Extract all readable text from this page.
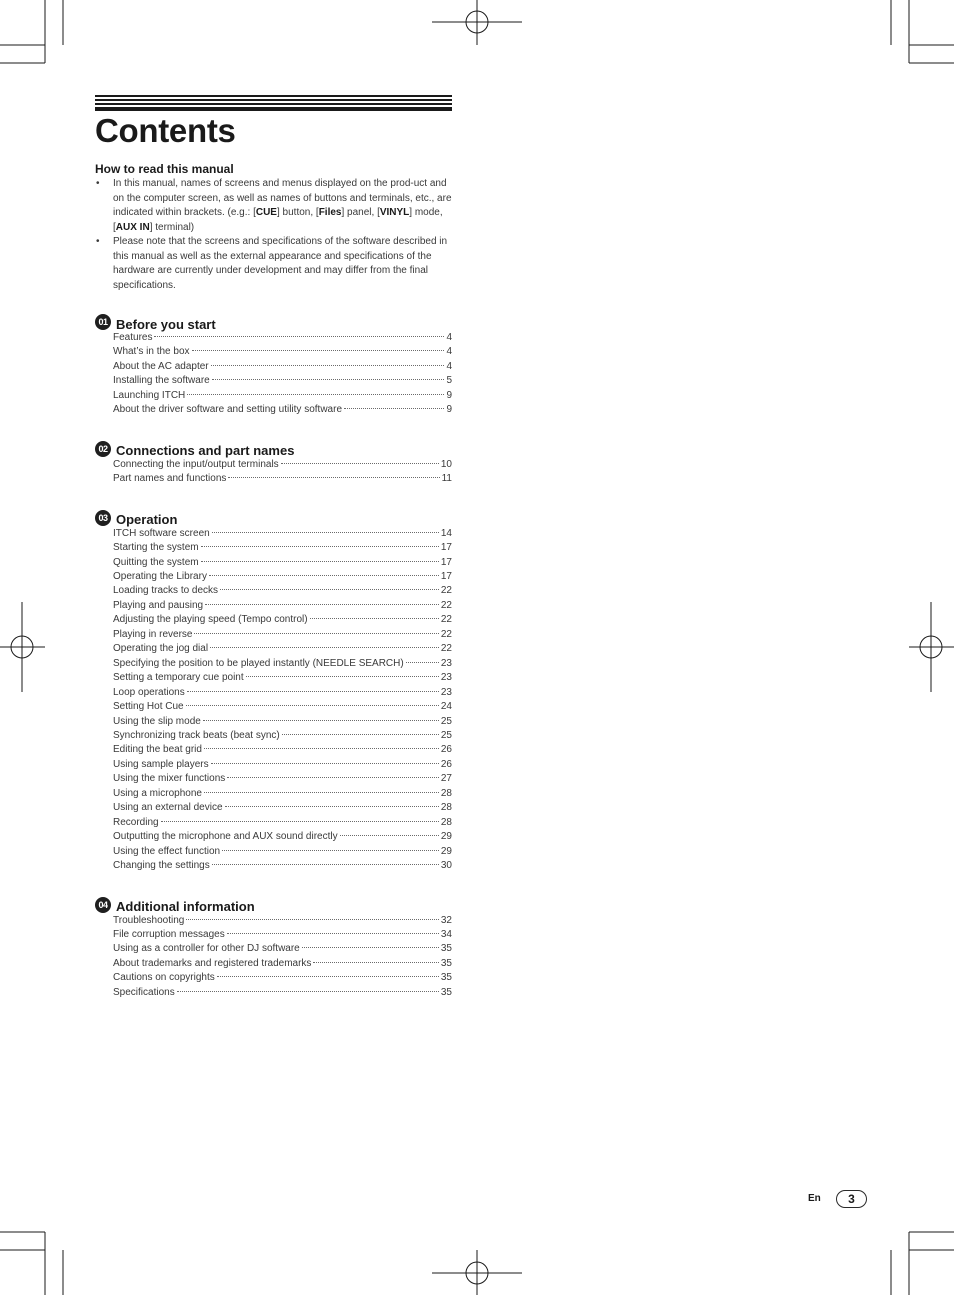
Contents

How to read this manual

• In this manual, names of screens and menus displayed on the prod-uct and on the computer screen, as well as names of buttons and terminals, etc., are indicated within brackets. (e.g.: [CUE] button, [Files] panel, [VINYL] mode, [AUX IN] terminal)
• Please note that the screens and specifications of the software described in this manual as well as the external appearance and specifications of the hardware are currently under development and may differ from the final specifications.
01 Before you start
Features	4
What’s in the box	4
About the AC adapter	4
Installing the software	5
Launching ITCH	9
About the driver software and setting utility software	9
02 Connections and part names
Connecting the input/output terminals	10
Part names and functions	11
03 Operation
ITCH software screen	14
Starting the system	17
Quitting the system	17
Operating the Library	17
Loading tracks to decks	22
Playing and pausing	22
Adjusting the playing speed (Tempo control)	22
Playing in reverse	22
Operating the jog dial	22
Specifying the position to be played instantly (NEEDLE SEARCH)	23
Setting a temporary cue point	23
Loop operations	23
Setting Hot Cue	24
Using the slip mode	25
Synchronizing track beats (beat sync)	25
Editing the beat grid	26
Using sample players	26
Using the mixer functions	27
Using a microphone	28
Using an external device	28
Recording	28
Outputting the microphone and AUX sound directly	29
Using the effect function	29
Changing the settings	30
04 Additional information
Troubleshooting	32
File corruption messages	34
Using as a controller for other DJ software	35
About trademarks and registered trademarks	35
Cautions on copyrights	35
Specifications	35
En	3
